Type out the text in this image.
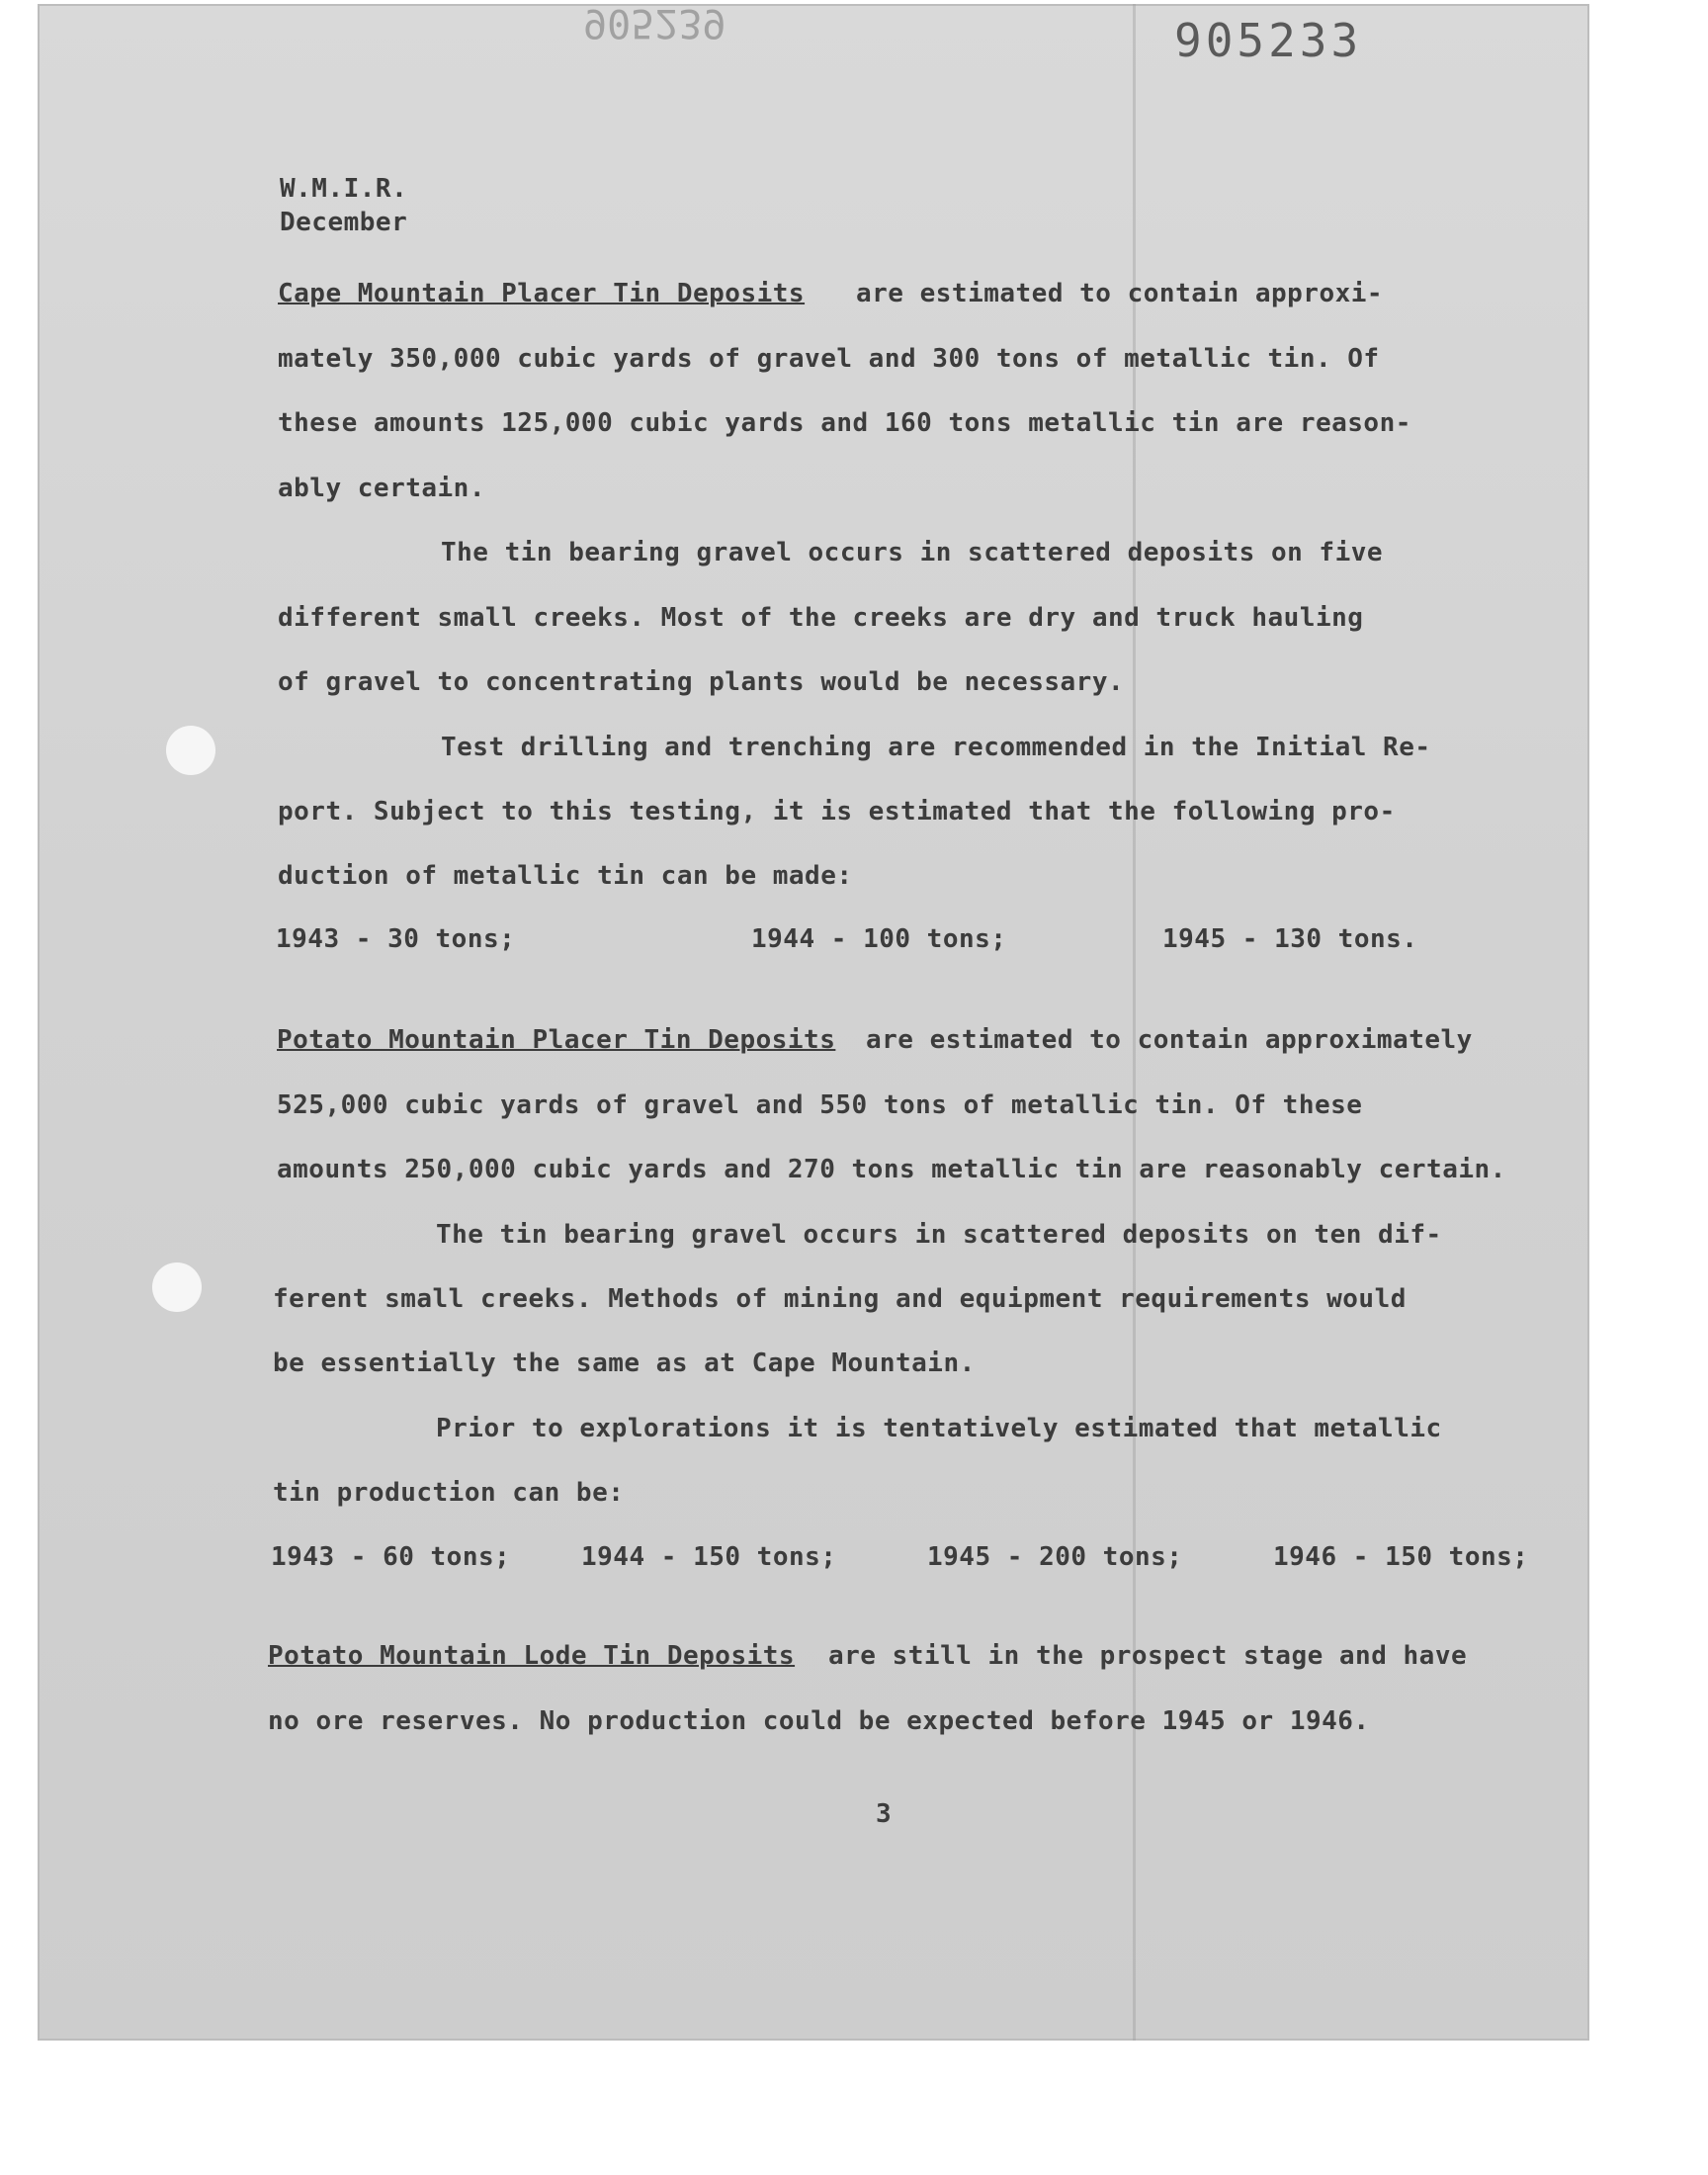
905239	905233
W.M.I.R.
December
Cape Mountain Placer Tin Deposits are estimated to contain approxi-
mately 350,000 cubic yards of gravel and 300 tons of metallic tin. Of
these amounts 125,000 cubic yards and 160 tons metallic tin are reason-
ably certain.
The tin bearing gravel occurs in scattered deposits on five
different small creeks. Most of the creeks are dry and truck hauling
of gravel to concentrating plants would be necessary.
Test drilling and trenching are recommended in the Initial Re-
port. Subject to this testing, it is estimated that the following pro-
duction of metallic tin can be made:
1943 - 30 tons;	1944 - 100 tons;	1945 - 130 tons.
Potato Mountain Placer Tin Deposits are estimated to contain approximately
525,000 cubic yards of gravel and 550 tons of metallic tin. Of these
amounts 250,000 cubic yards and 270 tons metallic tin are reasonably certain.
The tin bearing gravel occurs in scattered deposits on ten dif-
ferent small creeks. Methods of mining and equipment requirements would
be essentially the same as at Cape Mountain.
Prior to explorations it is tentatively estimated that metallic
tin production can be:
1943 - 60 tons;	1944 - 150 tons;	1945 - 200 tons;	1946 - 150 tons;
Potato Mountain Lode Tin Deposits are still in the prospect stage and have
no ore reserves. No production could be expected before 1945 or 1946.
3
